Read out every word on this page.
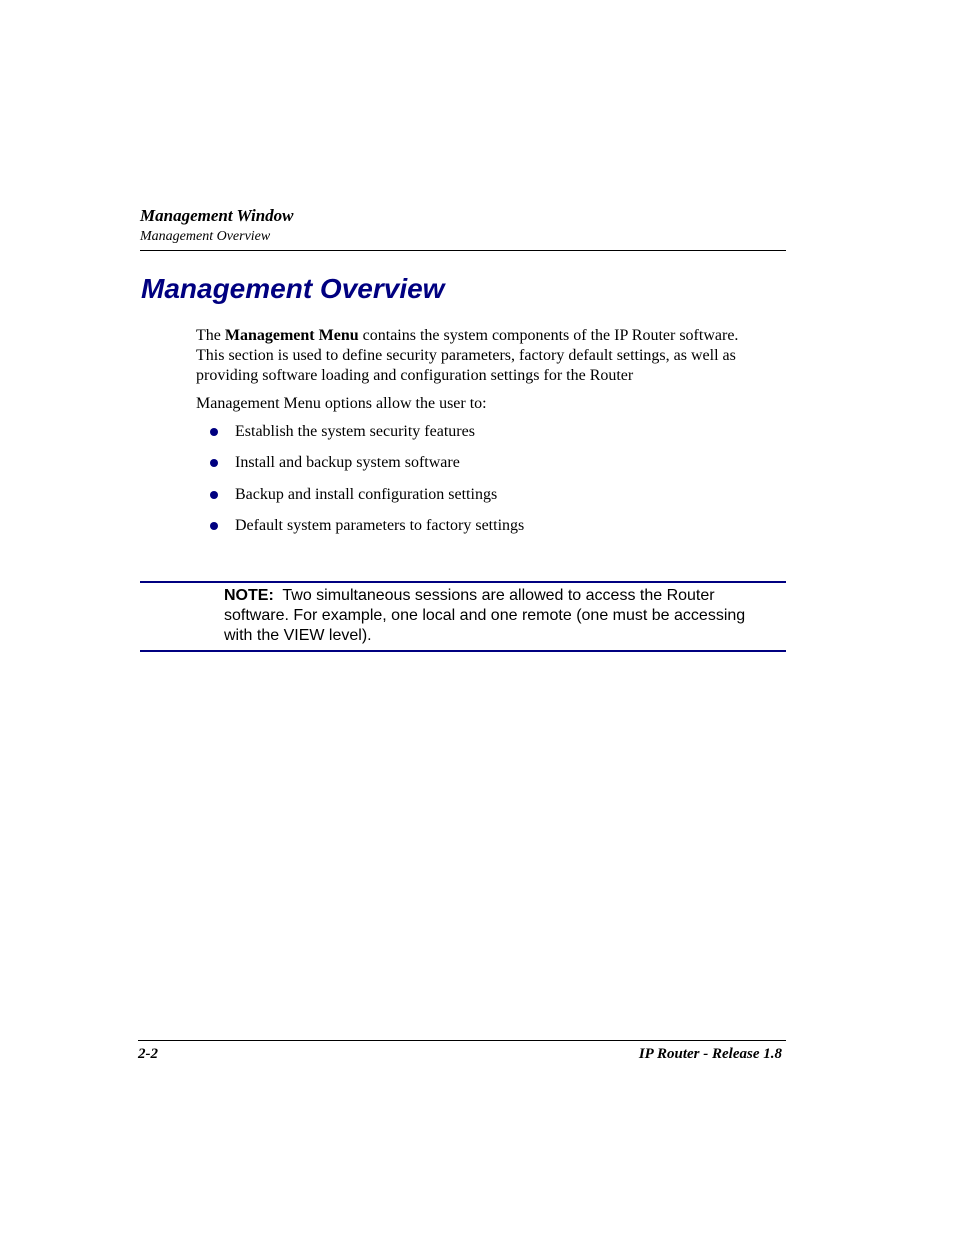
Management Window
Management Overview
Management Overview
The Management Menu contains the system components of the IP Router software.
This section is used to define security parameters, factory default settings, as well as
providing software loading and configuration settings for the Router
Management Menu options allow the user to:
Establish the system security features
Install and backup system software
Backup and install configuration settings
Default system parameters to factory settings
NOTE:  Two simultaneous sessions are allowed to access the Router
software. For example, one local and one remote (one must be accessing
with the VIEW level).
2-2	IP Router - Release 1.8
